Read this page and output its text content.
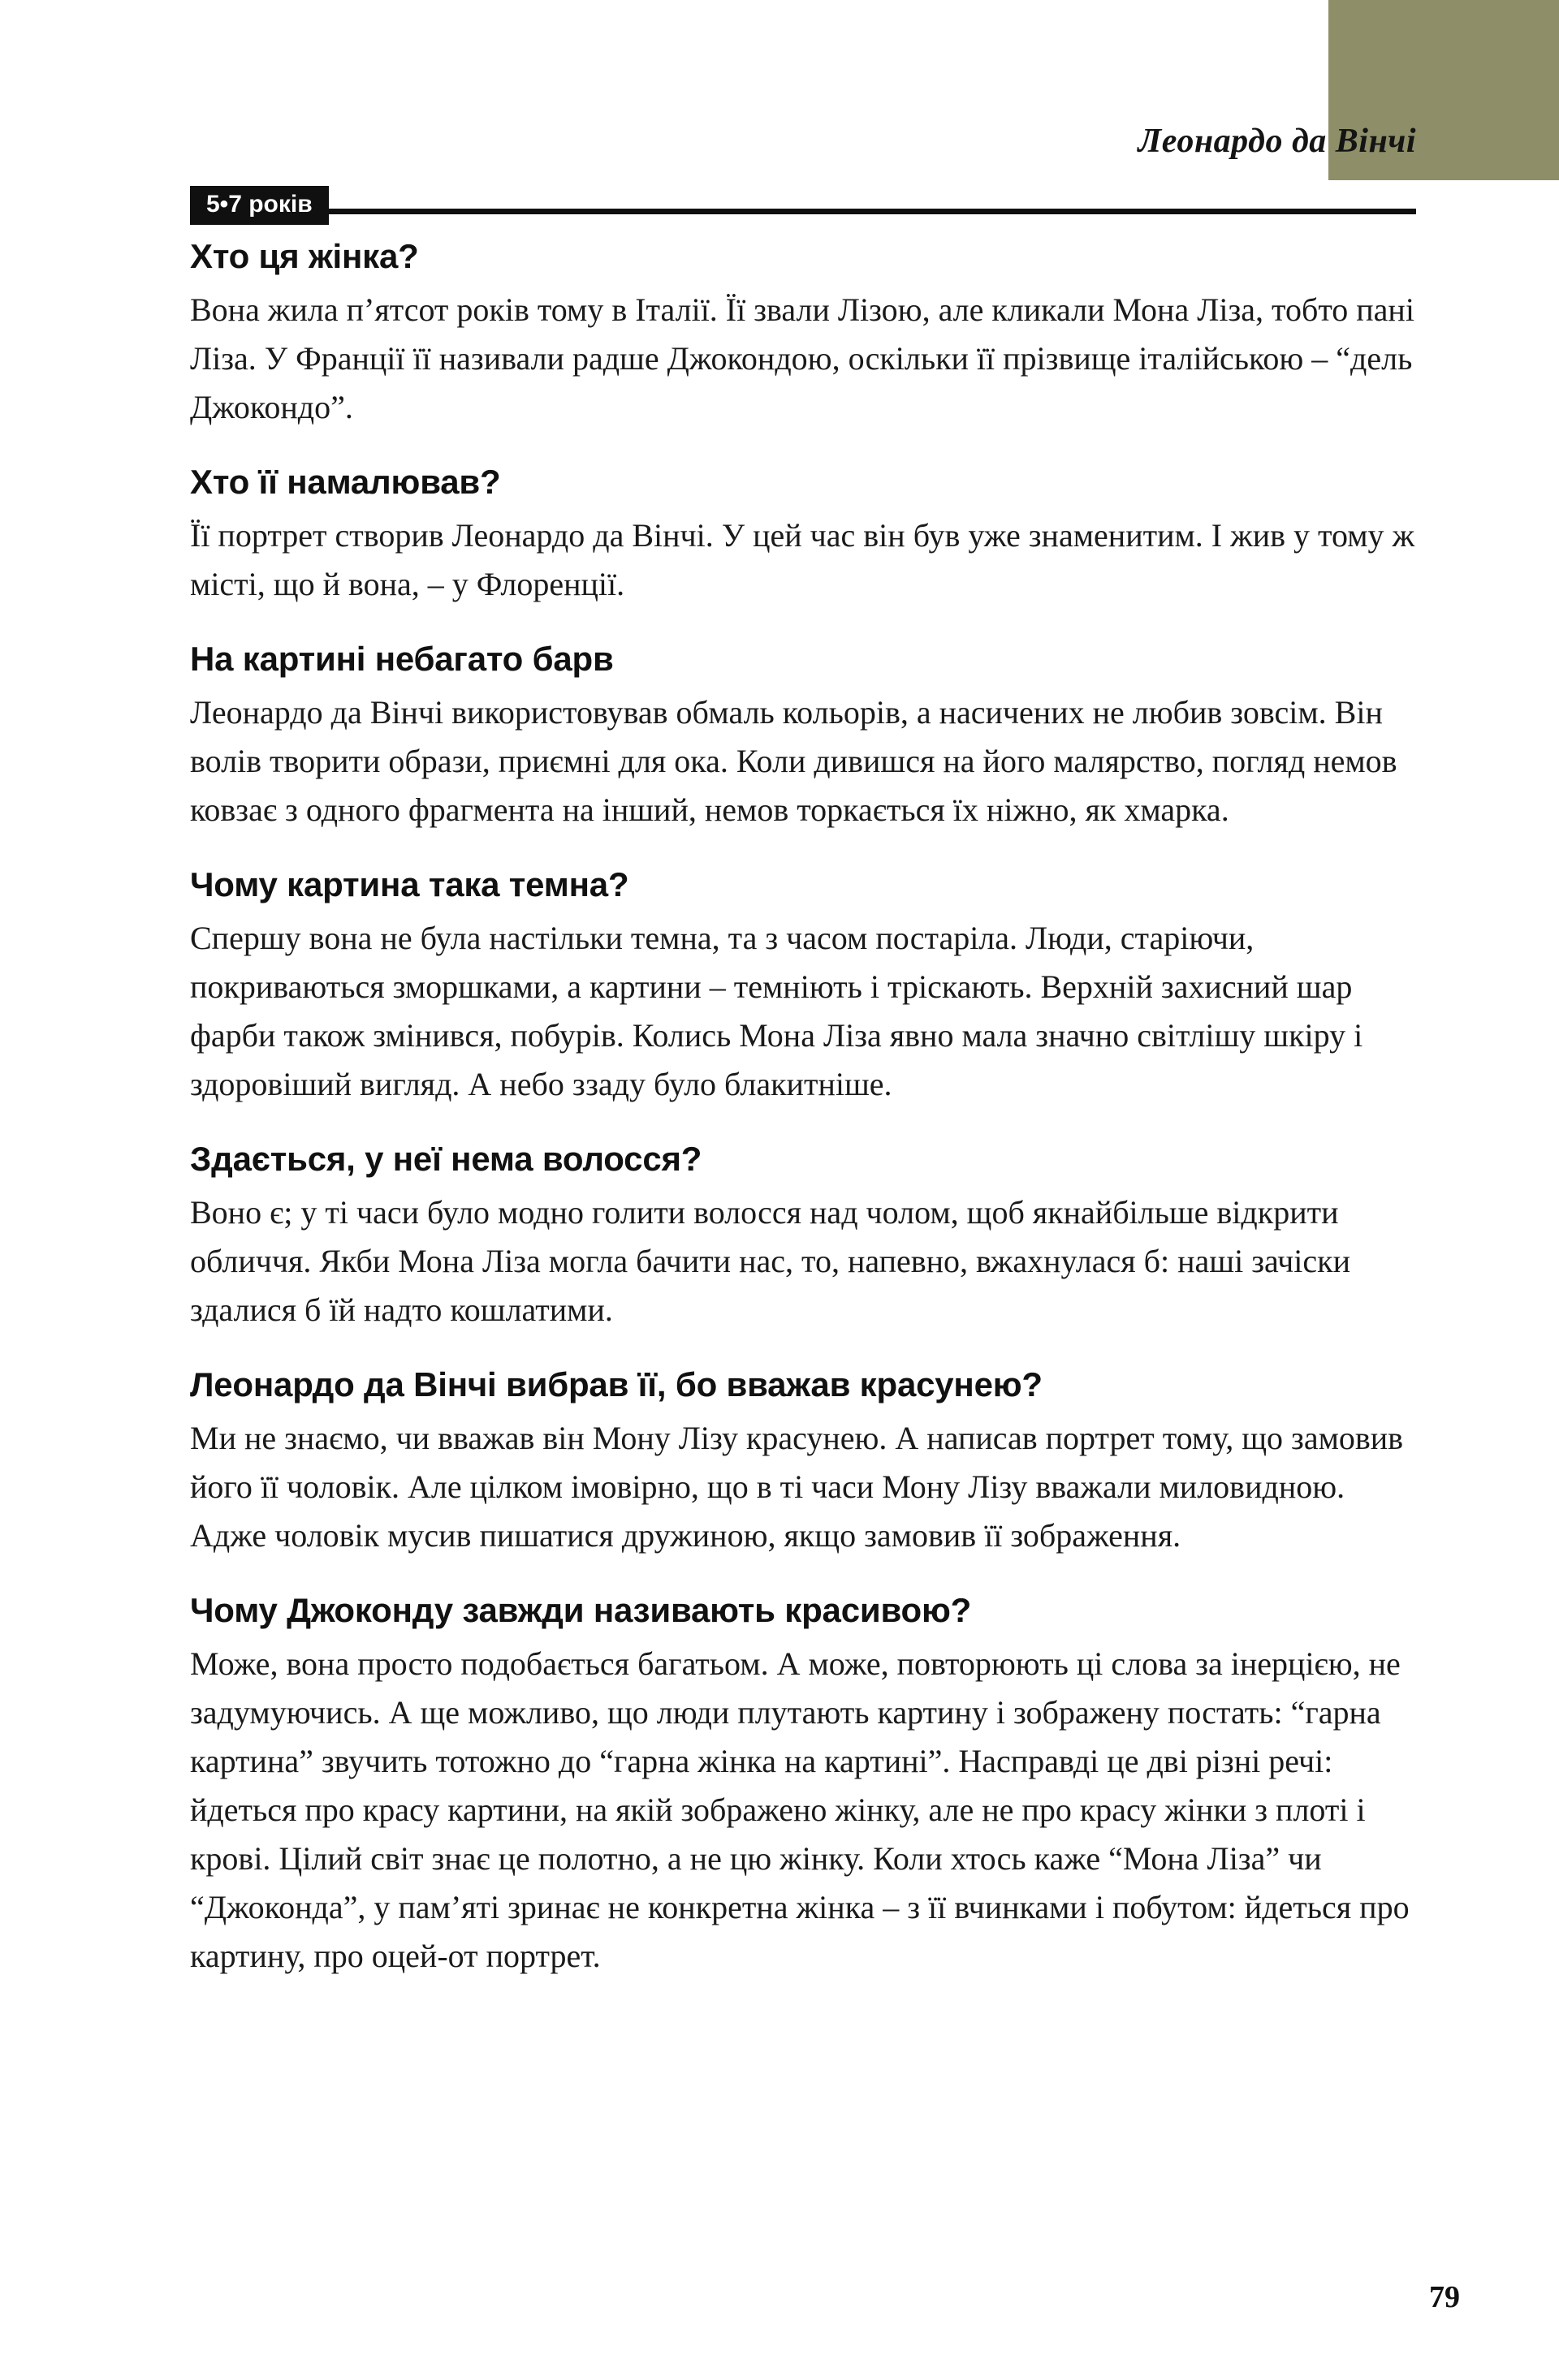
Леонардо да Вінчі
5•7 років
Хто ця жінка?

Вона жила п’ятсот років тому в Італії. Її звали Лізою, але кликали Мона Ліза, тобто пані Ліза. У Франції її називали радше Джокондою, оскільки її прізвище італійською – “дель Джокондо”.

Хто її намалював?

Її портрет створив Леонардо да Вінчі. У цей час він був уже знаменитим. І жив у тому ж місті, що й вона, – у Флоренції.

На картині небагато барв

Леонардо да Вінчі використовував обмаль кольорів, а насичених не любив зовсім. Він волів творити образи, приємні для ока. Коли дивишся на його малярство, погляд немов ковзає з одного фрагмента на інший, немов торкається їх ніжно, як хмарка.

Чому картина така темна?

Спершу вона не була настільки темна, та з часом постаріла. Люди, старіючи, покриваються зморшками, а картини – темніють і тріскають. Верхній захисний шар фарби також змінився, побурів. Колись Мона Ліза явно мала значно світлішу шкіру і здоровіший вигляд. А небо ззаду було блакитніше.

Здається, у неї нема волосся?

Воно є; у ті часи було модно голити волосся над чолом, щоб якнайбільше відкрити обличчя. Якби Мона Ліза могла бачити нас, то, напевно, вжахнулася б: наші зачіски здалися б їй надто кошлатими.

Леонардо да Вінчі вибрав її, бо вважав красунею?

Ми не знаємо, чи вважав він Мону Лізу красунею. А написав портрет тому, що замовив його її чоловік. Але цілком імовірно, що в ті часи Мону Лізу вважали миловидною. Адже чоловік мусив пишатися дружиною, якщо замовив її зображення.

Чому Джоконду завжди називають красивою?

Може, вона просто подобається багатьом. А може, повторюють ці слова за інерцією, не задумуючись. А ще можливо, що люди плутають картину і зображену постать: “гарна картина” звучить тотожно до “гарна жінка на картині”. Насправді це дві різні речі: йдеться про красу картини, на якій зображено жінку, але не про красу жінки з плоті і крові. Цілий світ знає це полотно, а не цю жінку. Коли хтось каже “Мона Ліза” чи “Джоконда”, у пам’яті зринає не конкретна жінка – з її вчинками і побутом: йдеться про картину, про оцей-от портрет.

79
